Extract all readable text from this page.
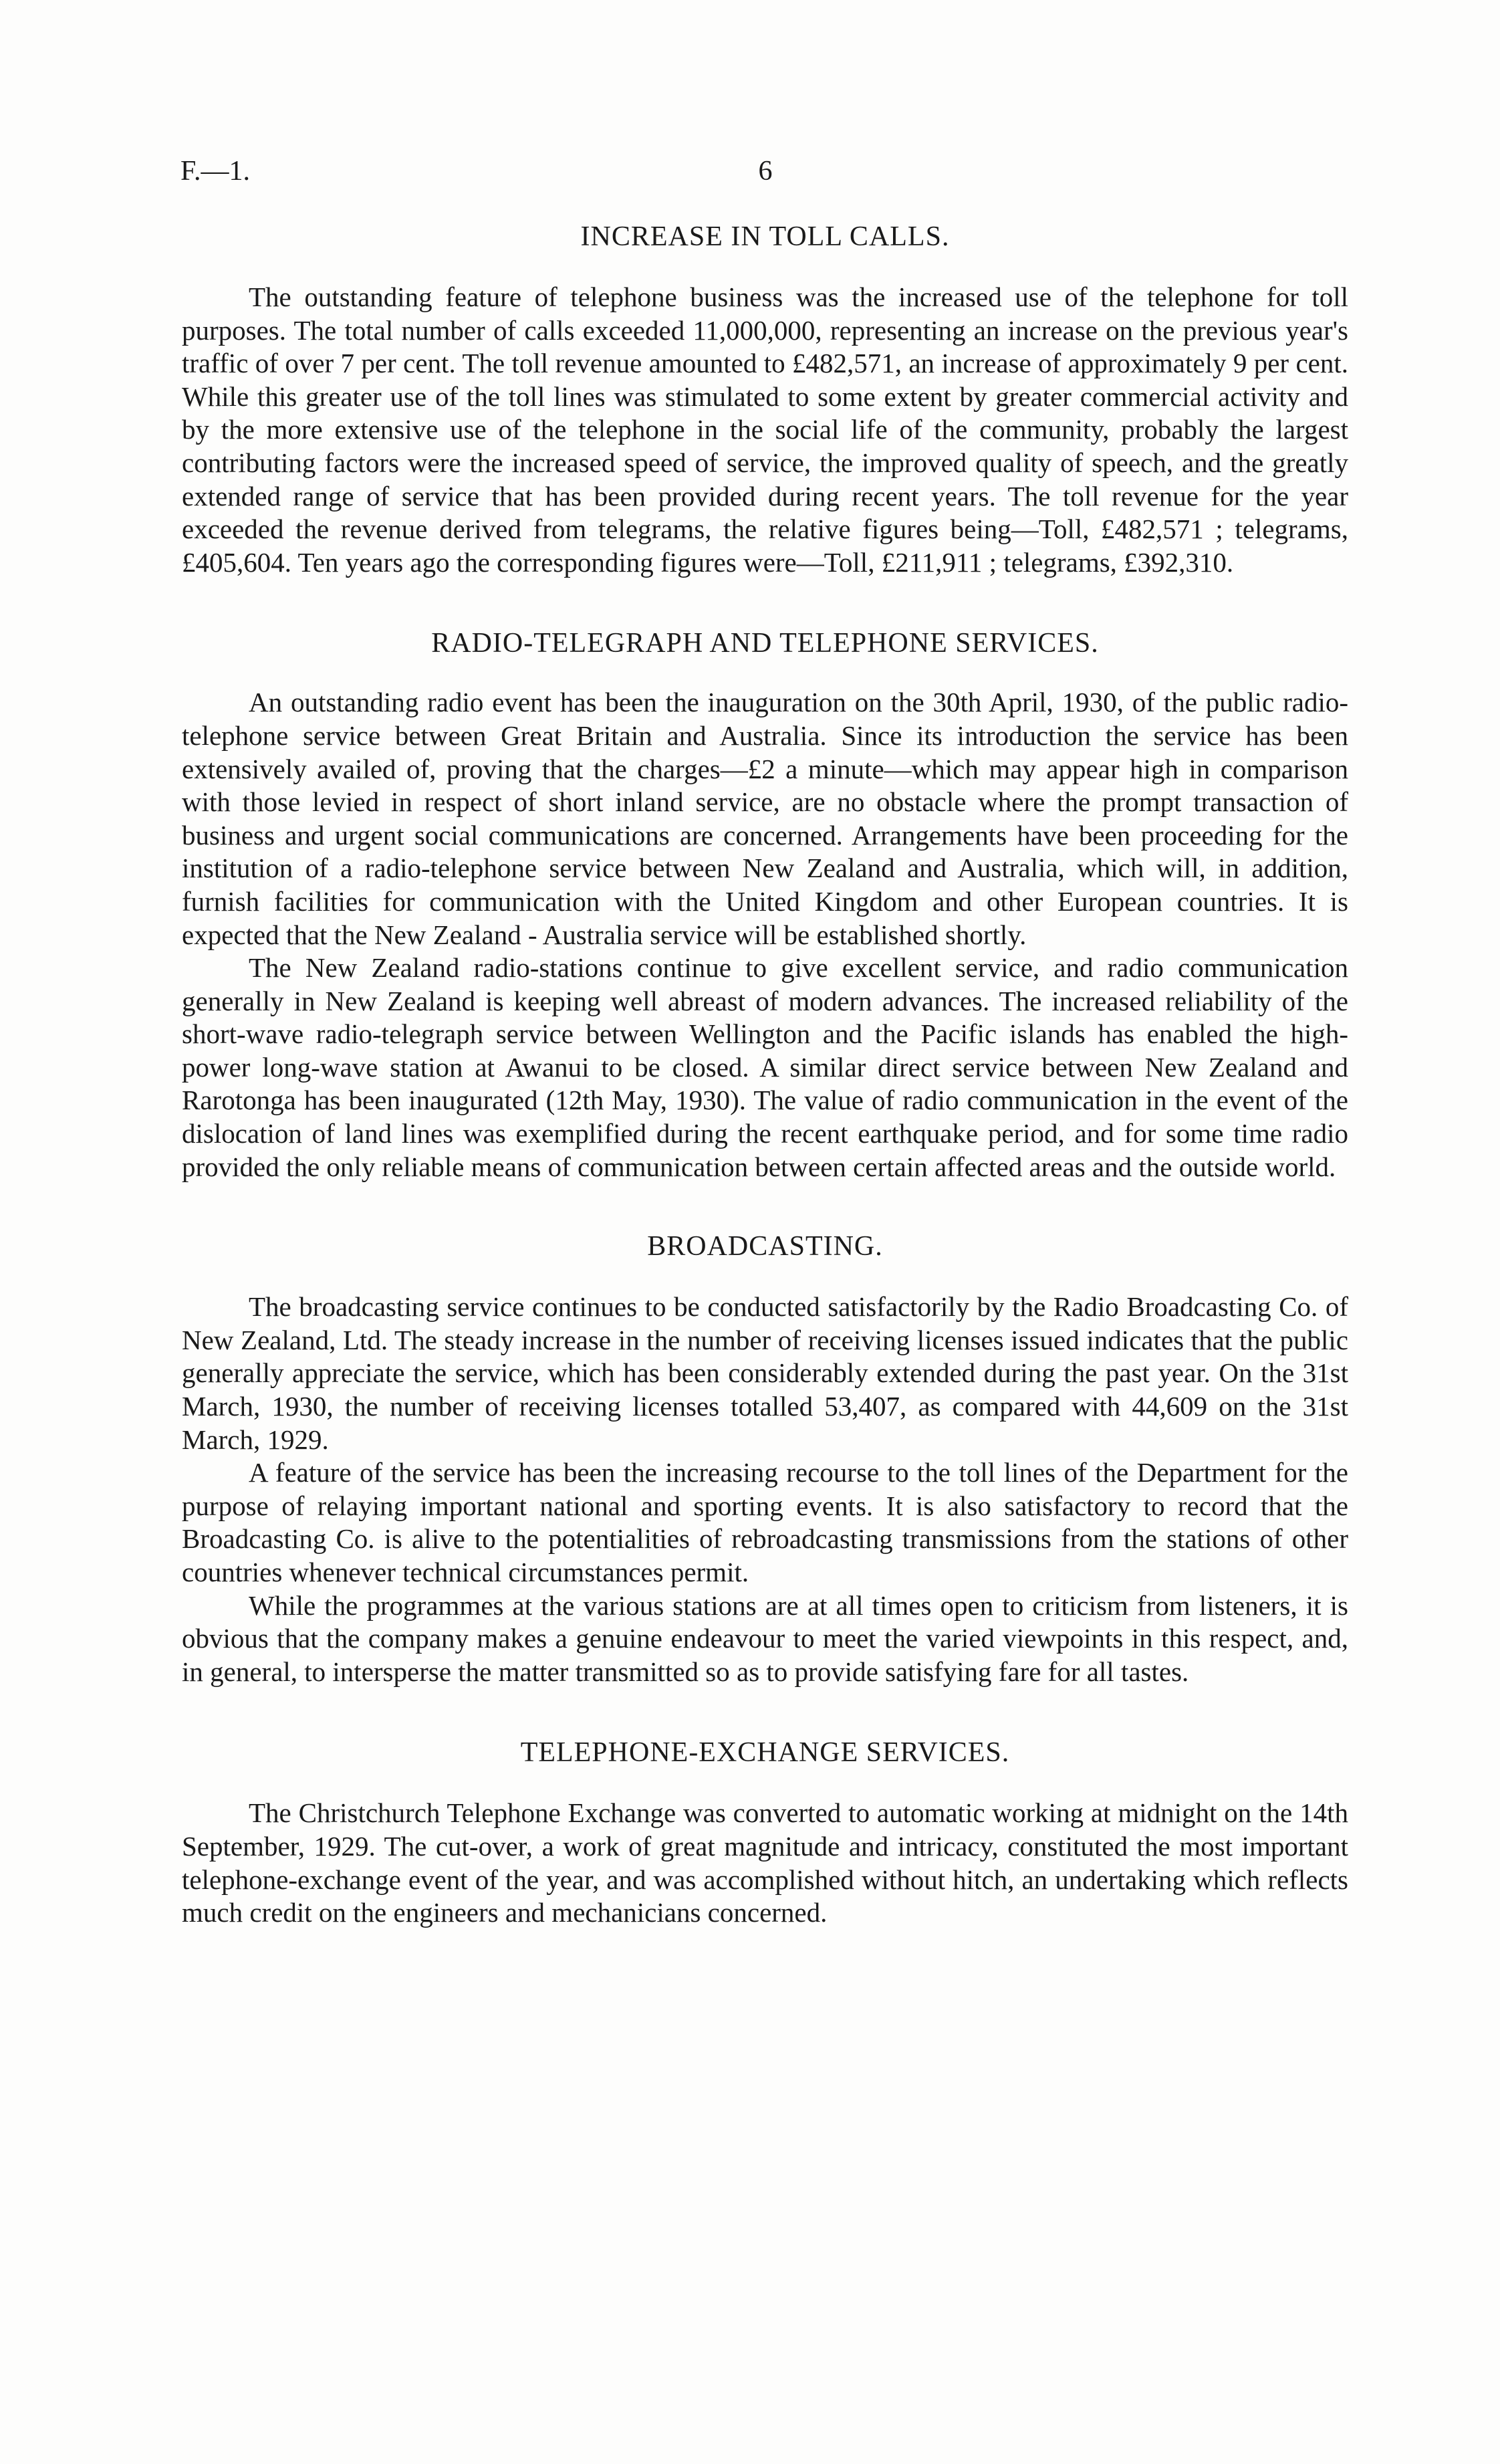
F.—1.	6
INCREASE IN TOLL CALLS.

The outstanding feature of telephone business was the increased use of the telephone for toll purposes. The total number of calls exceeded 11,000,000, representing an increase on the previous year's traffic of over 7 per cent. The toll revenue amounted to £482,571, an increase of approximately 9 per cent. While this greater use of the toll lines was stimulated to some extent by greater commercial activity and by the more extensive use of the telephone in the social life of the community, probably the largest contributing factors were the increased speed of service, the improved quality of speech, and the greatly extended range of service that has been provided during recent years. The toll revenue for the year exceeded the revenue derived from telegrams, the relative figures being—Toll, £482,571 ; telegrams, £405,604. Ten years ago the corresponding figures were—Toll, £211,911 ; telegrams, £392,310.

RADIO-TELEGRAPH AND TELEPHONE SERVICES.

An outstanding radio event has been the inauguration on the 30th April, 1930, of the public radio-telephone service between Great Britain and Australia. Since its introduction the service has been extensively availed of, proving that the charges—£2 a minute—which may appear high in comparison with those levied in respect of short inland service, are no obstacle where the prompt transaction of business and urgent social communications are concerned. Arrangements have been proceeding for the institution of a radio-telephone service between New Zealand and Australia, which will, in addition, furnish facilities for communication with the United Kingdom and other European countries. It is expected that the New Zealand - Australia service will be established shortly.

The New Zealand radio-stations continue to give excellent service, and radio communication generally in New Zealand is keeping well abreast of modern advances. The increased reliability of the short-wave radio-telegraph service between Wellington and the Pacific islands has enabled the high-power long-wave station at Awanui to be closed. A similar direct service between New Zealand and Rarotonga has been inaugurated (12th May, 1930). The value of radio communication in the event of the dislocation of land lines was exemplified during the recent earthquake period, and for some time radio provided the only reliable means of communication between certain affected areas and the outside world.

BROADCASTING.

The broadcasting service continues to be conducted satisfactorily by the Radio Broadcasting Co. of New Zealand, Ltd. The steady increase in the number of receiving licenses issued indicates that the public generally appreciate the service, which has been considerably extended during the past year. On the 31st March, 1930, the number of receiving licenses totalled 53,407, as compared with 44,609 on the 31st March, 1929.

A feature of the service has been the increasing recourse to the toll lines of the Department for the purpose of relaying important national and sporting events. It is also satisfactory to record that the Broadcasting Co. is alive to the potentialities of rebroadcasting transmissions from the stations of other countries whenever technical circumstances permit.

While the programmes at the various stations are at all times open to criticism from listeners, it is obvious that the company makes a genuine endeavour to meet the varied viewpoints in this respect, and, in general, to intersperse the matter transmitted so as to provide satisfying fare for all tastes.

TELEPHONE-EXCHANGE SERVICES.

The Christchurch Telephone Exchange was converted to automatic working at midnight on the 14th September, 1929. The cut-over, a work of great magnitude and intricacy, constituted the most important telephone-exchange event of the year, and was accomplished without hitch, an undertaking which reflects much credit on the engineers and mechanicians concerned.
